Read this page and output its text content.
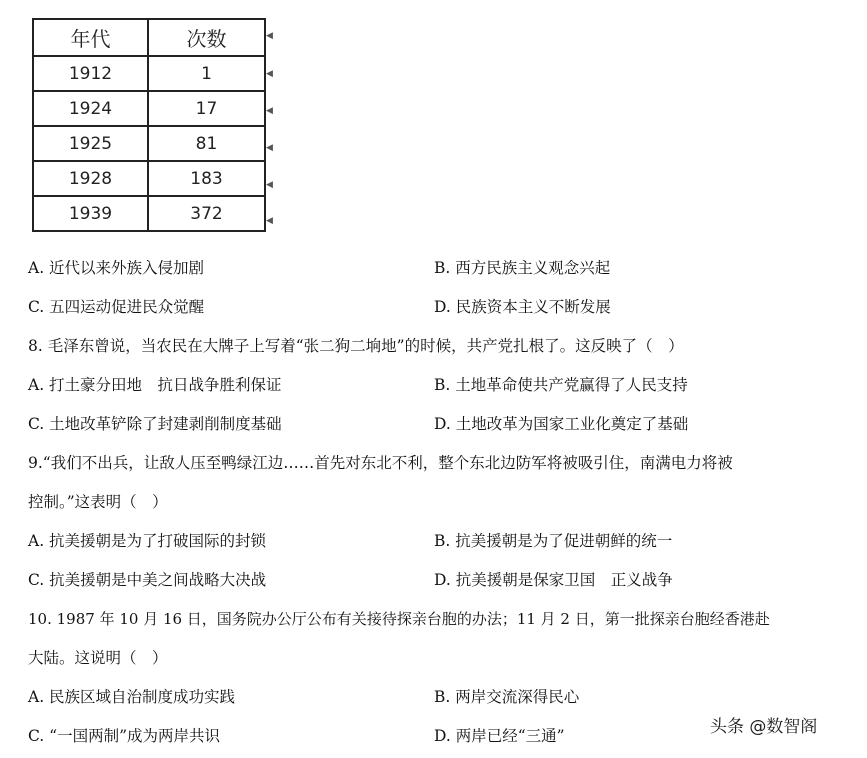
年代	次数
1912	1
1924	17
1925	81
1928	183
1939	372
◀
◀
◀
◀
◀
◀
A. 近代以来外族入侵加剧	B. 西方民族主义观念兴起
C. 五四运动促进民众觉醒	D. 民族资本主义不断发展
8. 毛泽东曾说，当农民在大牌子上写着“张二狗二垧地”的时候，共产党扎根了。这反映了（　）
A. 打土豪分田地　抗日战争胜利保证	B. 土地革命使共产党赢得了人民支持
C. 土地改革铲除了封建剥削制度基础	D. 土地改革为国家工业化奠定了基础
9.“我们不出兵，让敌人压至鸭绿江边……首先对东北不利，整个东北边防军将被吸引住，南满电力将被
控制。”这表明（　）
A. 抗美援朝是为了打破国际的封锁	B. 抗美援朝是为了促进朝鲜的统一
C. 抗美援朝是中美之间战略大决战	D. 抗美援朝是保家卫国　正义战争
10. 1987 年 10 月 16 日，国务院办公厅公布有关接待探亲台胞的办法；11 月 2 日，第一批探亲台胞经香港赴
大陆。这说明（　）
A. 民族区域自治制度成功实践	B. 两岸交流深得民心
C. “一国两制”成为两岸共识	D. 两岸已经“三通”	头条 @数智阁
